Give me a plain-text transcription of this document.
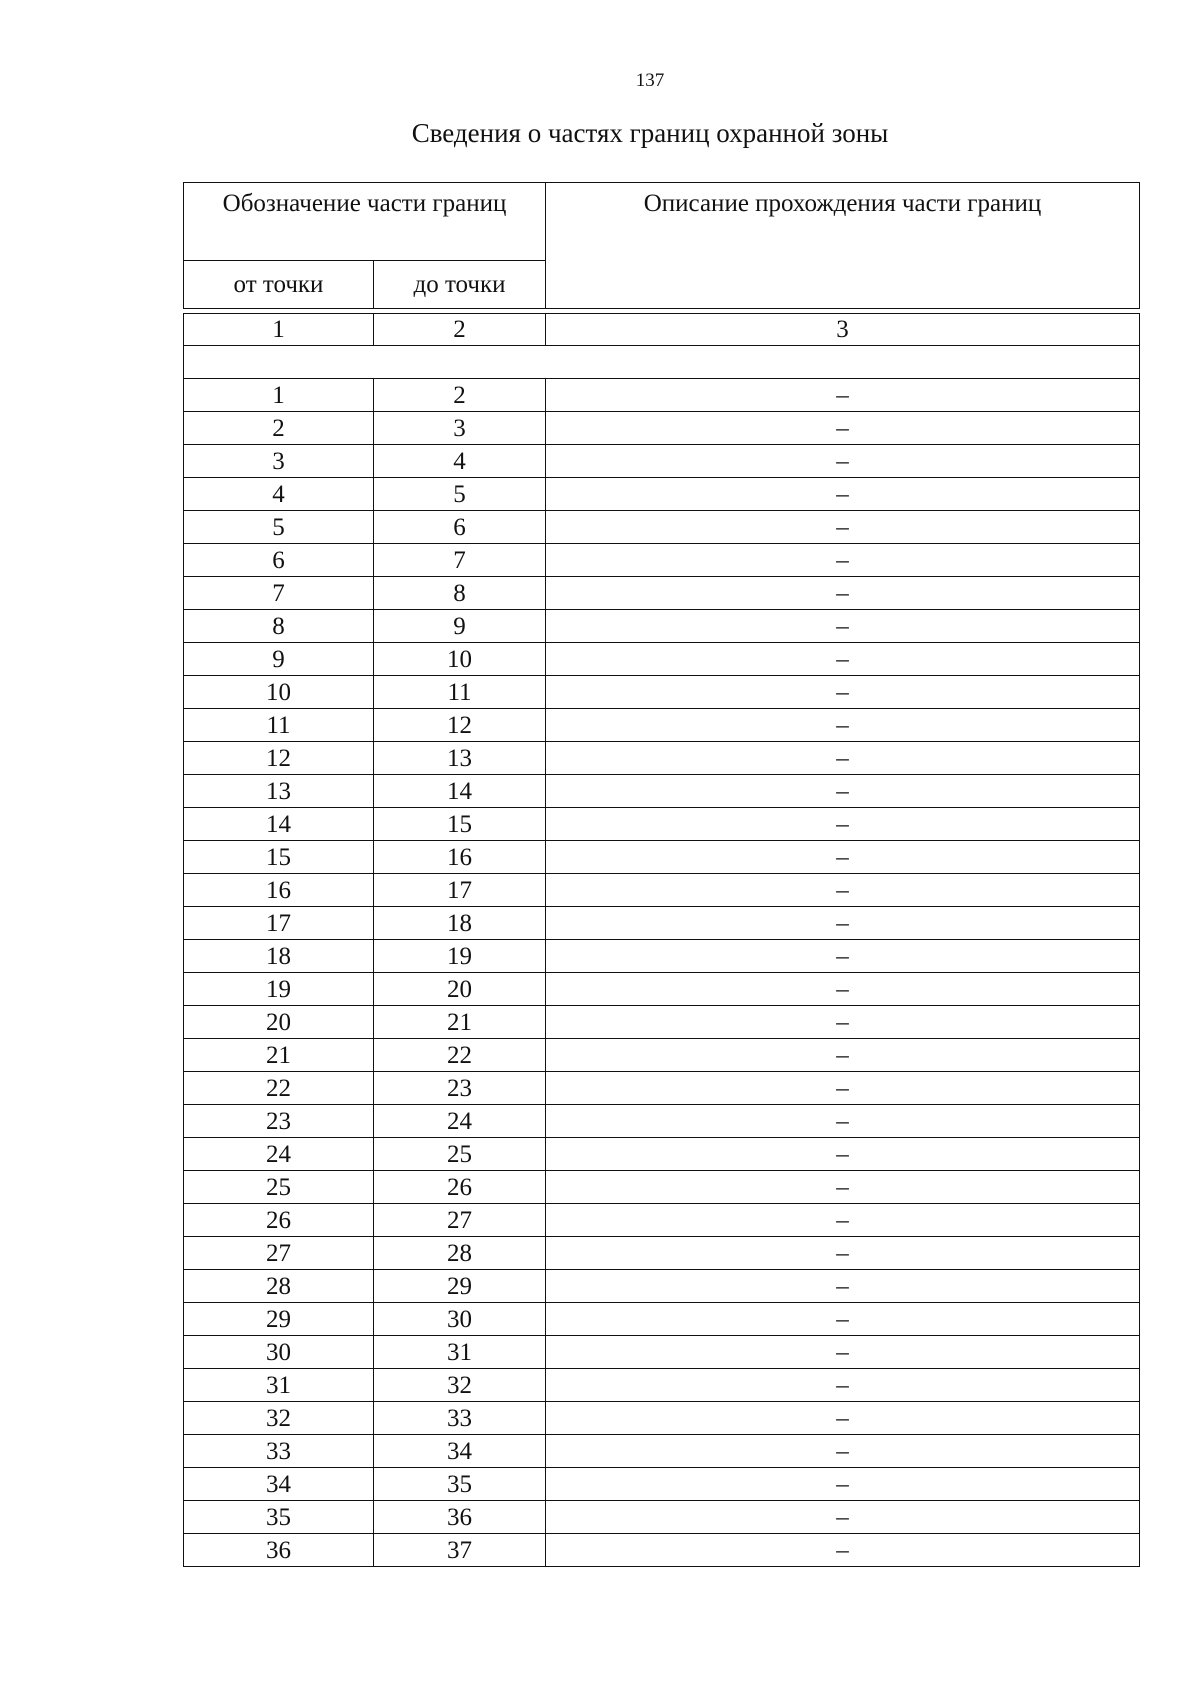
137
Сведения о частях границ охранной зоны
Обозначение части границ		Описание прохождения части границ
от точки	до точки	

1	2	3

1	2	–
2	3	–
3	4	–
4	5	–
5	6	–
6	7	–
7	8	–
8	9	–
9	10	–
10	11	–
11	12	–
12	13	–
13	14	–
14	15	–
15	16	–
16	17	–
17	18	–
18	19	–
19	20	–
20	21	–
21	22	–
22	23	–
23	24	–
24	25	–
25	26	–
26	27	–
27	28	–
28	29	–
29	30	–
30	31	–
31	32	–
32	33	–
33	34	–
34	35	–
35	36	–
36	37	–
